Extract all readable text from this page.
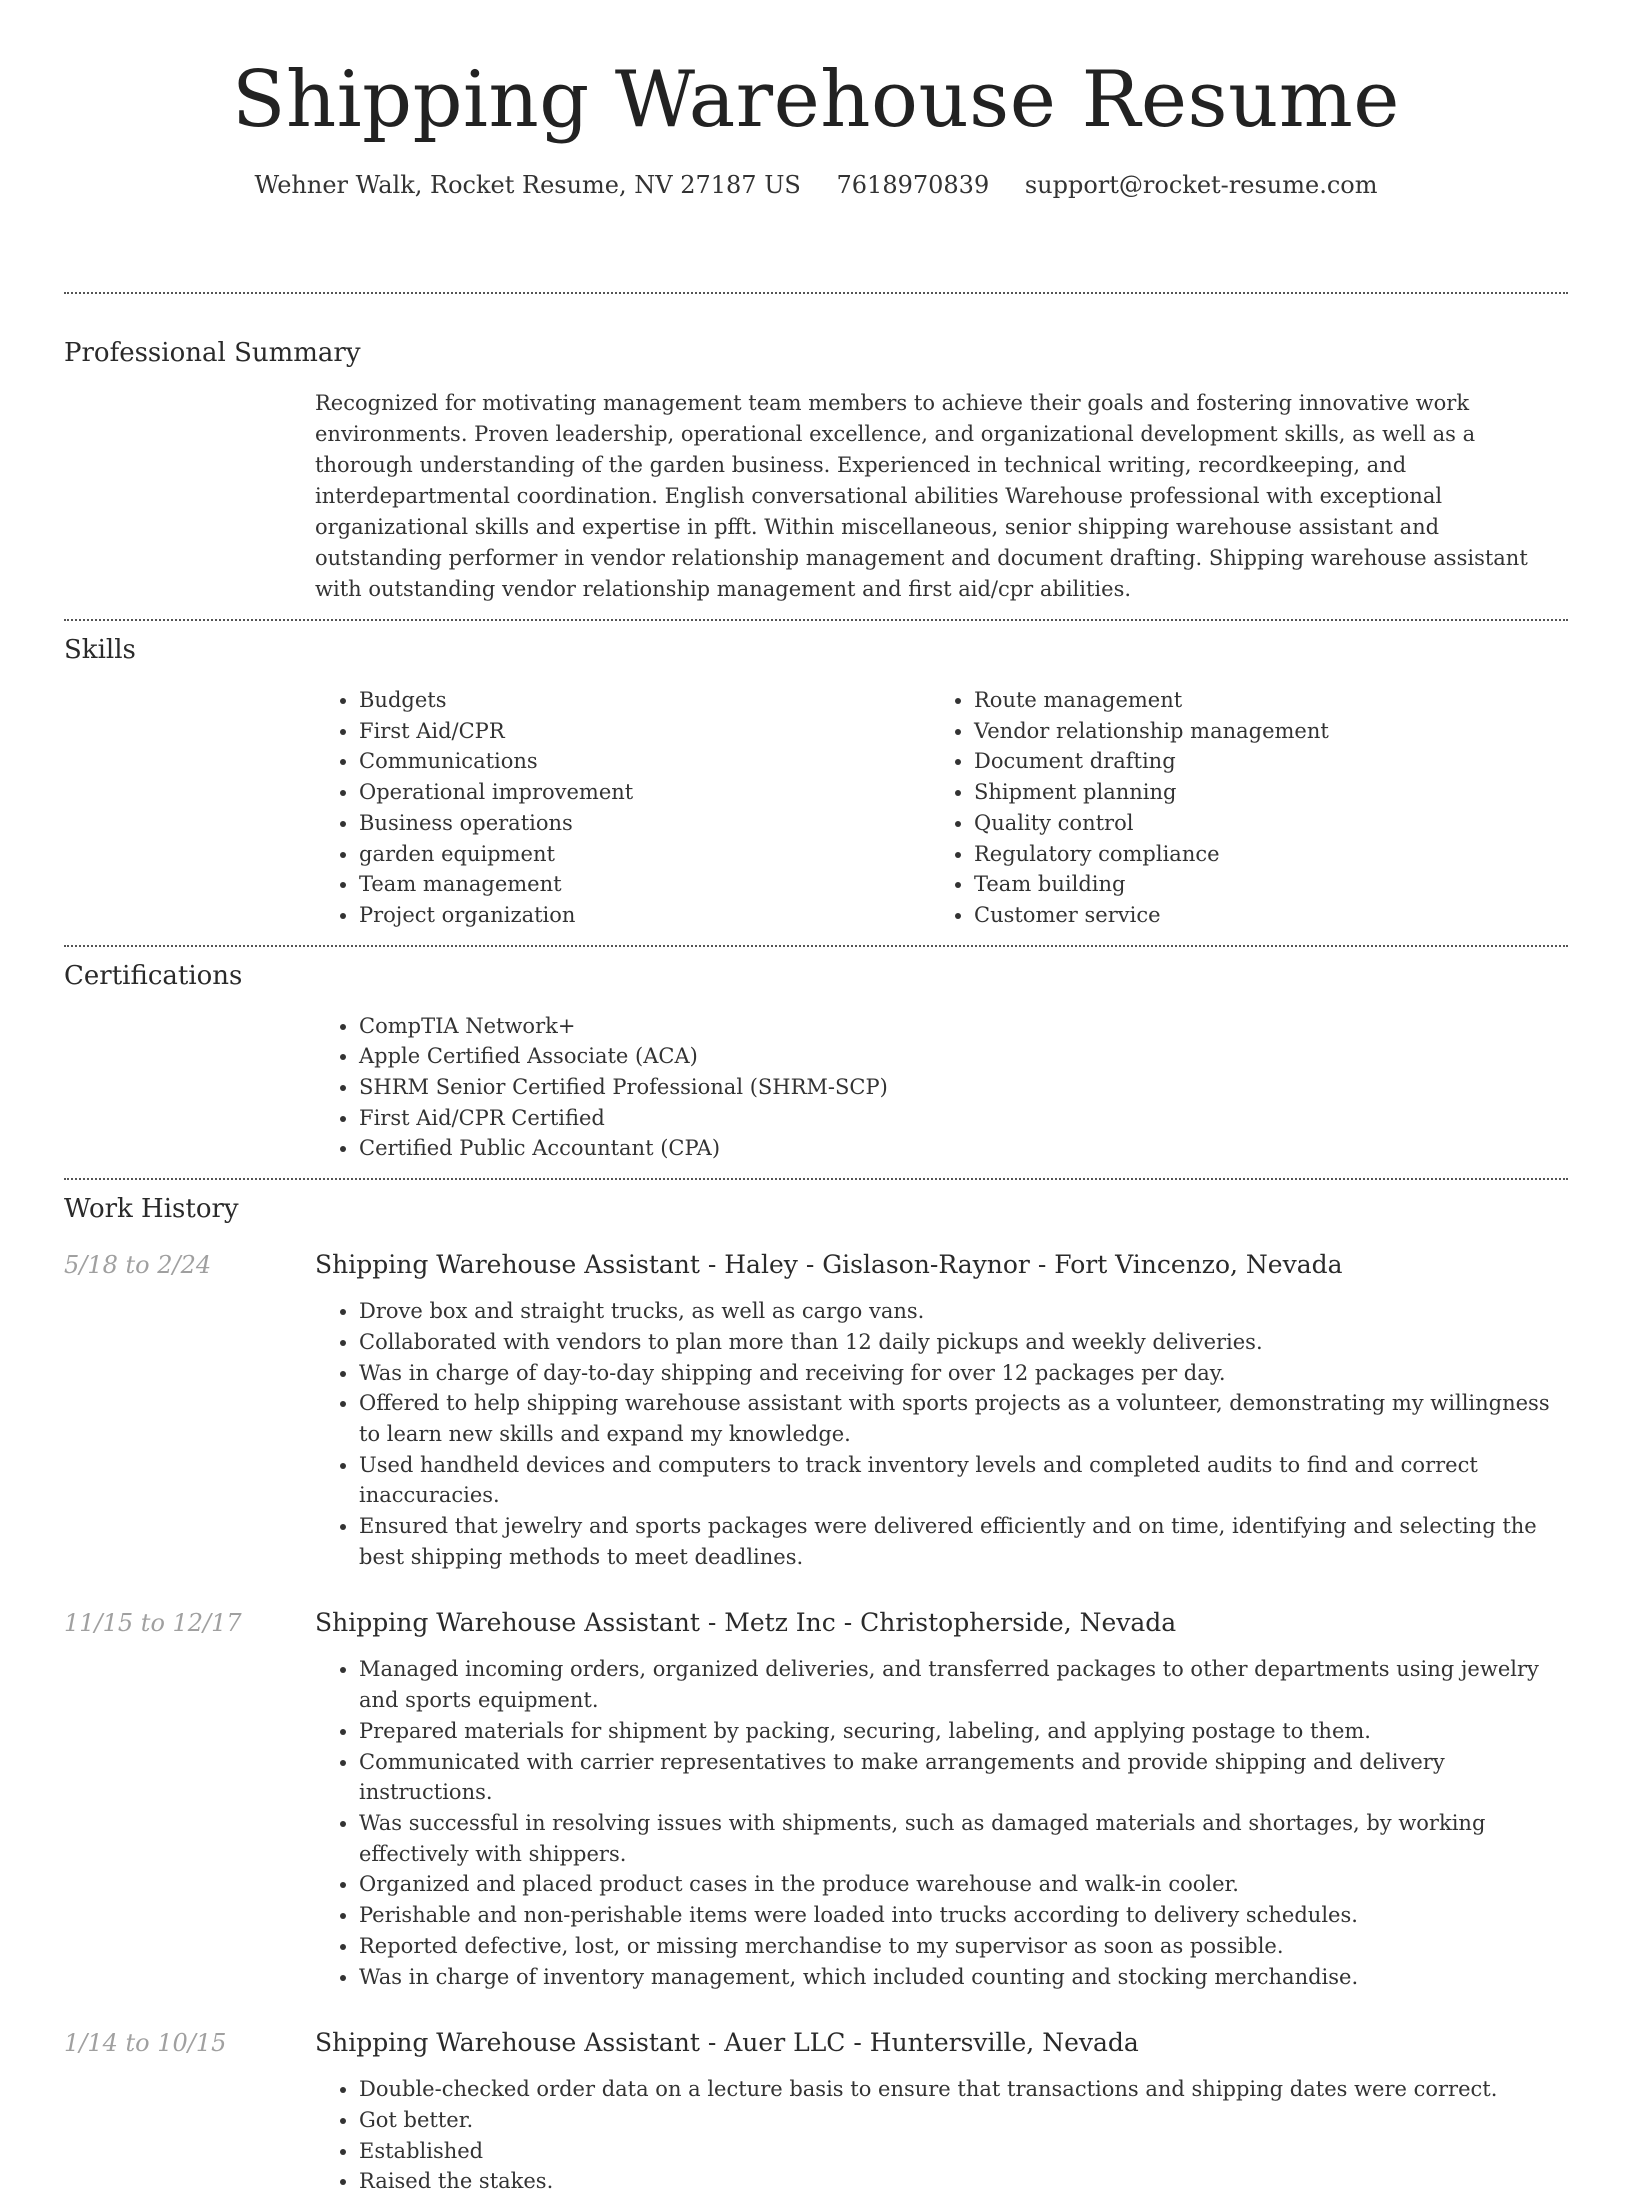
Shipping Warehouse Resume
Wehner Walk, Rocket Resume, NV 27187 US 7618970839 support@rocket-resume.com
Professional Summary

Recognized for motivating management team members to achieve their goals and fostering innovative work environments. Proven leadership, operational excellence, and organizational development skills, as well as a thorough understanding of the garden business. Experienced in technical writing, recordkeeping, and interdepartmental coordination. English conversational abilities Warehouse professional with exceptional organizational skills and expertise in pfft. Within miscellaneous, senior shipping warehouse assistant and outstanding performer in vendor relationship management and document drafting. Shipping warehouse assistant with outstanding vendor relationship management and first aid/cpr abilities.

Skills
• Budgets
• First Aid/CPR
• Communications
• Operational improvement
• Business operations
• garden equipment
• Team management
• Project organization
• Route management
• Vendor relationship management
• Document drafting
• Shipment planning
• Quality control
• Regulatory compliance
• Team building
• Customer service
Certifications
• CompTIA Network+
• Apple Certified Associate (ACA)
• SHRM Senior Certified Professional (SHRM-SCP)
• First Aid/CPR Certified
• Certified Public Accountant (CPA)
Work History
5/18 to 2/24	Shipping Warehouse Assistant - Haley - Gislason-Raynor - Fort Vincenzo, Nevada
• Drove box and straight trucks, as well as cargo vans.
• Collaborated with vendors to plan more than 12 daily pickups and weekly deliveries.
• Was in charge of day-to-day shipping and receiving for over 12 packages per day.
• Offered to help shipping warehouse assistant with sports projects as a volunteer, demonstrating my willingness to learn new skills and expand my knowledge.
• Used handheld devices and computers to track inventory levels and completed audits to find and correct inaccuracies.
• Ensured that jewelry and sports packages were delivered efficiently and on time, identifying and selecting the best shipping methods to meet deadlines.
11/15 to 12/17	Shipping Warehouse Assistant - Metz Inc - Christopherside, Nevada
• Managed incoming orders, organized deliveries, and transferred packages to other departments using jewelry and sports equipment.
• Prepared materials for shipment by packing, securing, labeling, and applying postage to them.
• Communicated with carrier representatives to make arrangements and provide shipping and delivery instructions.
• Was successful in resolving issues with shipments, such as damaged materials and shortages, by working effectively with shippers.
• Organized and placed product cases in the produce warehouse and walk-in cooler.
• Perishable and non-perishable items were loaded into trucks according to delivery schedules.
• Reported defective, lost, or missing merchandise to my supervisor as soon as possible.
• Was in charge of inventory management, which included counting and stocking merchandise.
1/14 to 10/15	Shipping Warehouse Assistant - Auer LLC - Huntersville, Nevada
• Double-checked order data on a lecture basis to ensure that transactions and shipping dates were correct.
• Got better.
• Established
• Raised the stakes.
